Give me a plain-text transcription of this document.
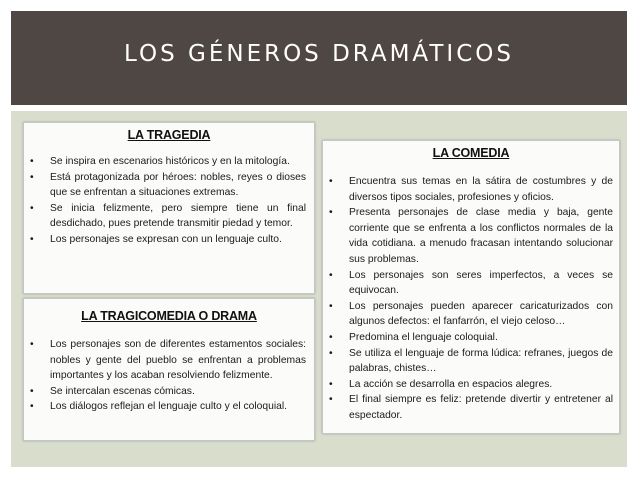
LOS GÉNEROS DRAMÁTICOS
LA TRAGEDIA
• Se inspira en escenarios históricos y en la mitología.
• Está protagonizada por héroes: nobles, reyes o dioses que se enfrentan a situaciones extremas.
• Se inicia felizmente, pero siempre tiene un final desdichado, pues pretende transmitir piedad y temor.
• Los personajes se expresan con un lenguaje culto.
LA TRAGICOMEDIA O DRAMA
• Los personajes son de diferentes estamentos sociales: nobles y gente del pueblo se enfrentan a problemas importantes y los acaban resolviendo felizmente.
• Se intercalan escenas cómicas.
• Los diálogos reflejan el lenguaje culto y el coloquial.
LA COMEDIA
• Encuentra sus temas en la sátira de costumbres y de diversos tipos sociales, profesiones y oficios.
• Presenta personajes de clase media y baja, gente corriente que se enfrenta a los conflictos normales de la vida cotidiana. a menudo fracasan intentando solucionar sus problemas.
• Los personajes son seres imperfectos, a veces se equivocan.
• Los personajes pueden aparecer caricaturizados con algunos defectos: el fanfarrón, el viejo celoso…
• Predomina el lenguaje coloquial.
• Se utiliza el lenguaje de forma lúdica: refranes, juegos de palabras, chistes…
• La acción se desarrolla en espacios alegres.
• El final siempre es feliz: pretende divertir y entretener al espectador.
